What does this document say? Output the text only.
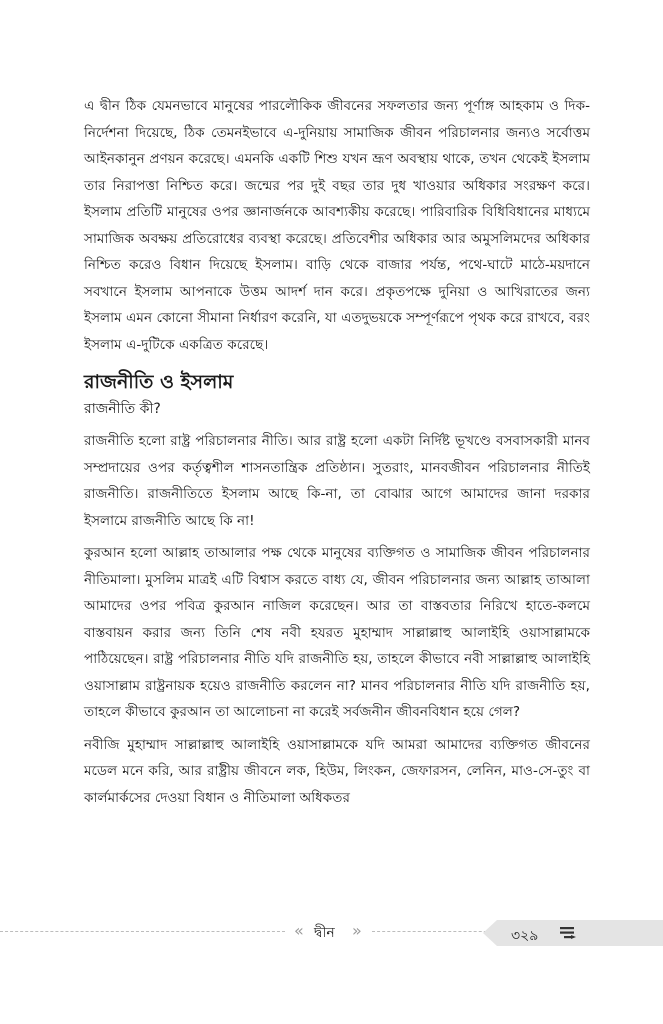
এ দ্বীন ঠিক যেমনভাবে মানুষের পারলৌকিক জীবনের সফলতার জন্য পূর্ণাঙ্গ আহকাম ও দিক-নির্দেশনা দিয়েছে, ঠিক তেমনইভাবে এ-দুনিয়ায় সামাজিক জীবন পরিচালনার জন্যও সর্বোত্তম আইনকানুন প্রণয়ন করেছে। এমনকি একটি শিশু যখন ভ্রূণ অবস্থায় থাকে, তখন থেকেই ইসলাম তার নিরাপত্তা নিশ্চিত করে। জন্মের পর দুই বছর তার দুধ খাওয়ার অধিকার সংরক্ষণ করে। ইসলাম প্রতিটি মানুষের ওপর জ্ঞানার্জনকে আবশ্যকীয় করেছে। পারিবারিক বিধিবিধানের মাধ্যমে সামাজিক অবক্ষয় প্রতিরোধের ব্যবস্থা করেছে। প্রতিবেশীর অধিকার আর অমুসলিমদের অধিকার নিশ্চিত করেও বিধান দিয়েছে ইসলাম। বাড়ি থেকে বাজার পর্যন্ত, পথে-ঘাটে মাঠে-ময়দানে সবখানে ইসলাম আপনাকে উত্তম আদর্শ দান করে। প্রকৃতপক্ষে দুনিয়া ও আখিরাতের জন্য ইসলাম এমন কোনো সীমানা নির্ধারণ করেনি, যা এতদুভয়কে সম্পূর্ণরূপে পৃথক করে রাখবে, বরং ইসলাম এ-দুটিকে একত্রিত করেছে।

রাজনীতি ও ইসলাম
রাজনীতি কী?

রাজনীতি হলো রাষ্ট্র পরিচালনার নীতি। আর রাষ্ট্র হলো একটা নির্দিষ্ট ভূখণ্ডে বসবাসকারী মানব সম্প্রদায়ের ওপর কর্তৃত্বশীল শাসনতান্ত্রিক প্রতিষ্ঠান। সুতরাং, মানবজীবন পরিচালনার নীতিই রাজনীতি। রাজনীতিতে ইসলাম আছে কি-না, তা বোঝার আগে আমাদের জানা দরকার ইসলামে রাজনীতি আছে কি না!

কুরআন হলো আল্লাহ তাআলার পক্ষ থেকে মানুষের ব্যক্তিগত ও সামাজিক জীবন পরিচালনার নীতিমালা। মুসলিম মাত্রই এটি বিশ্বাস করতে বাধ্য যে, জীবন পরিচালনার জন্য আল্লাহ তাআলা আমাদের ওপর পবিত্র কুরআন নাজিল করেছেন। আর তা বাস্তবতার নিরিখে হাতে-কলমে বাস্তবায়ন করার জন্য তিনি শেষ নবী হযরত মুহাম্মাদ সাল্লাল্লাহু আলাইহি ওয়াসাল্লামকে পাঠিয়েছেন। রাষ্ট্র পরিচালনার নীতি যদি রাজনীতি হয়, তাহলে কীভাবে নবী সাল্লাল্লাহু আলাইহি ওয়াসাল্লাম রাষ্ট্রনায়ক হয়েও রাজনীতি করলেন না? মানব পরিচালনার নীতি যদি রাজনীতি হয়, তাহলে কীভাবে কুরআন তা আলোচনা না করেই সর্বজনীন জীবনবিধান হয়ে গেল?

নবীজি মুহাম্মাদ সাল্লাল্লাহু আলাইহি ওয়াসাল্লামকে যদি আমরা আমাদের ব্যক্তিগত জীবনের মডেল মনে করি, আর রাষ্ট্রীয় জীবনে লক, হিউম, লিংকন, জেফারসন, লেনিন, মাও-সে-তুং বা কার্লমার্কসের দেওয়া বিধান ও নীতিমালা অধিকতর

« দ্বীন »	৩২৯
